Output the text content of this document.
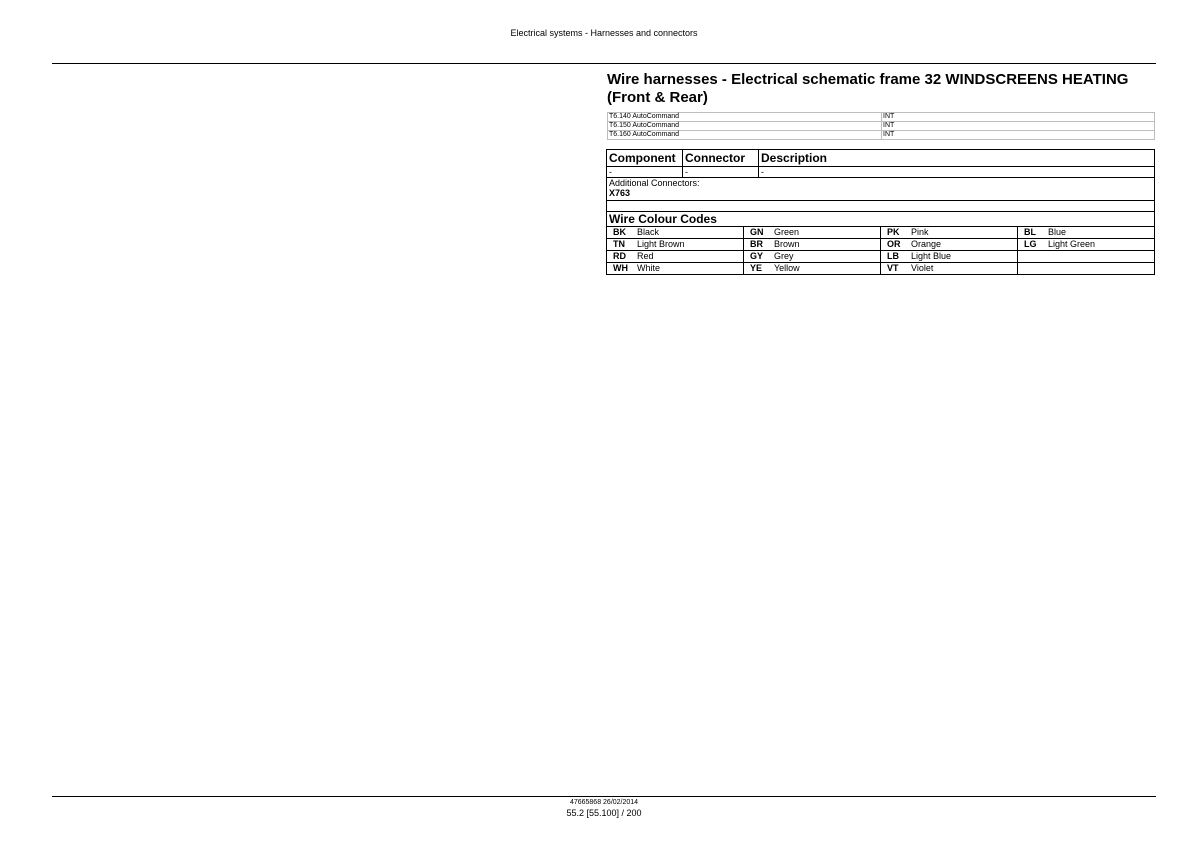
Electrical systems - Harnesses and connectors
Wire harnesses - Electrical schematic frame 32 WINDSCREENS HEATING (Front & Rear)
T6.140 AutoCommand	INT
T6.150 AutoCommand	INT
T6.160 AutoCommand	INT
Component	Connector	Description
-	-	-

Additional Connectors:
X763		

Wire Colour Codes			
BK Black	GN Green	PK Pink	BL Blue
TN Light Brown	BR Brown	OR Orange	LG Light Green
RD Red	GY Grey	LB Light Blue	
WH White	YE Yellow	VT Violet	
47665868 26/02/2014
55.2 [55.100] / 200
